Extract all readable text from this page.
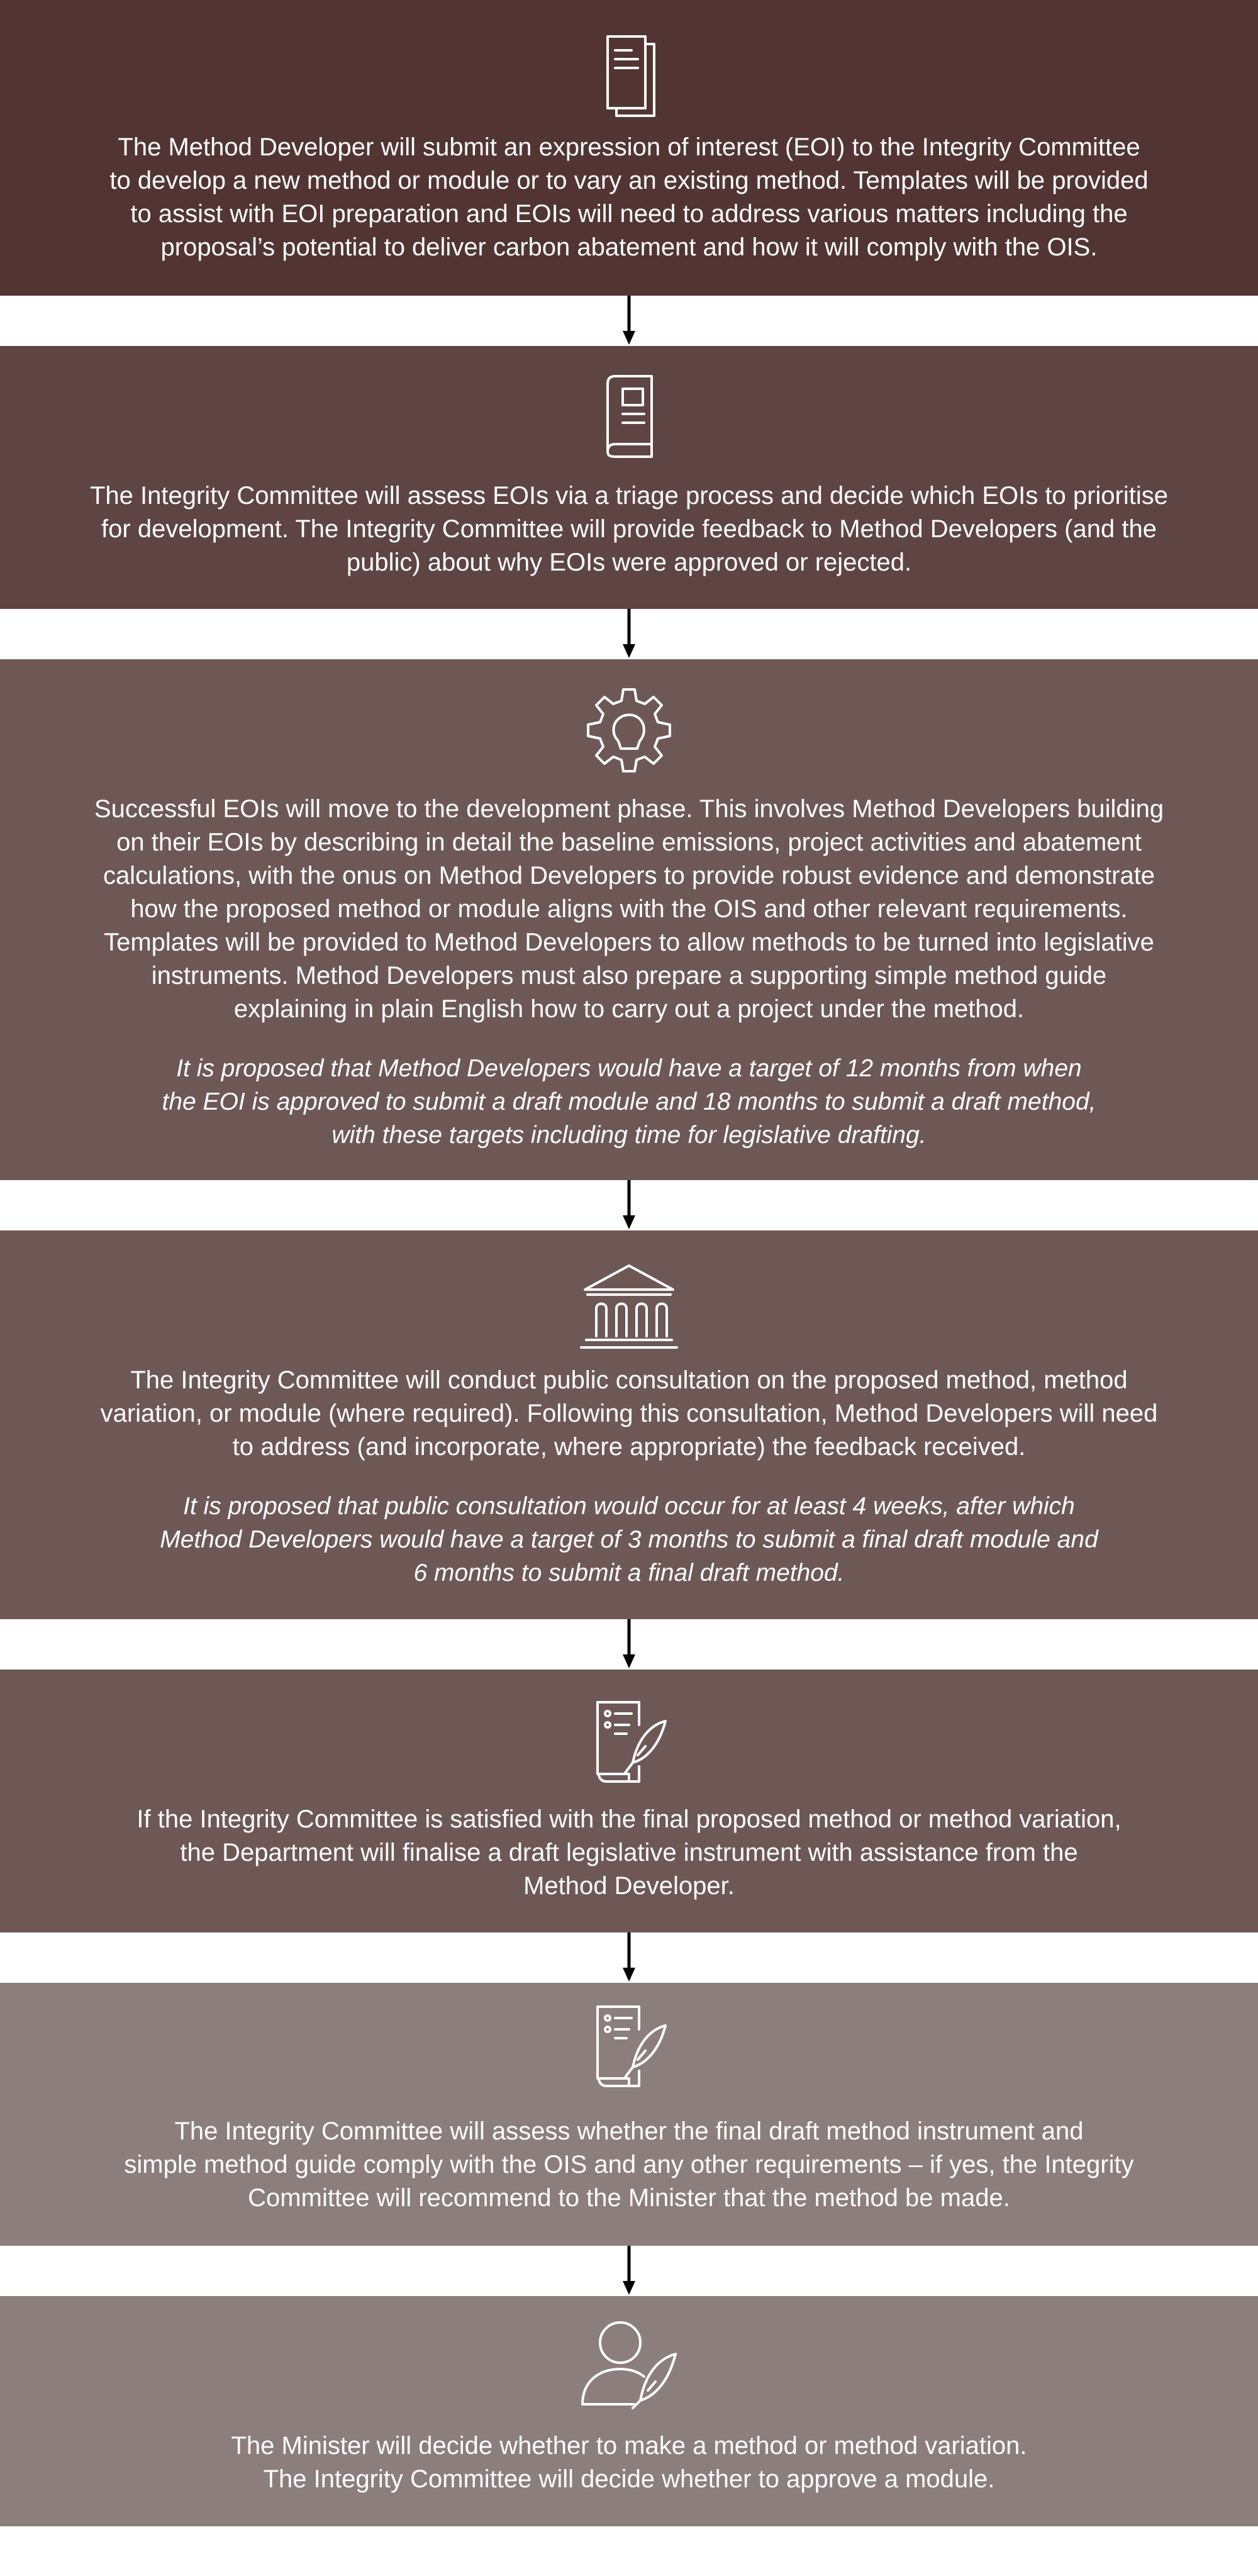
The Method Developer will submit an expression of interest (EOI) to the Integrity Committee
to develop a new method or module or to vary an existing method. Templates will be provided
to assist with EOI preparation and EOIs will need to address various matters including the
proposal’s potential to deliver carbon abatement and how it will comply with the OIS.

The Integrity Committee will assess EOIs via a triage process and decide which EOIs to prioritise
for development. The Integrity Committee will provide feedback to Method Developers (and the
public) about why EOIs were approved or rejected.

Successful EOIs will move to the development phase. This involves Method Developers building
on their EOIs by describing in detail the baseline emissions, project activities and abatement
calculations, with the onus on Method Developers to provide robust evidence and demonstrate
how the proposed method or module aligns with the OIS and other relevant requirements.
Templates will be provided to Method Developers to allow methods to be turned into legislative
instruments. Method Developers must also prepare a supporting simple method guide
explaining in plain English how to carry out a project under the method.

It is proposed that Method Developers would have a target of 12 months from when
the EOI is approved to submit a draft module and 18 months to submit a draft method,
with these targets including time for legislative drafting.

The Integrity Committee will conduct public consultation on the proposed method, method
variation, or module (where required). Following this consultation, Method Developers will need
to address (and incorporate, where appropriate) the feedback received.

It is proposed that public consultation would occur for at least 4 weeks, after which
Method Developers would have a target of 3 months to submit a final draft module and
6 months to submit a final draft method.

If the Integrity Committee is satisfied with the final proposed method or method variation,
the Department will finalise a draft legislative instrument with assistance from the
Method Developer.

The Integrity Committee will assess whether the final draft method instrument and
simple method guide comply with the OIS and any other requirements – if yes, the Integrity
Committee will recommend to the Minister that the method be made.

The Minister will decide whether to make a method or method variation.
The Integrity Committee will decide whether to approve a module.
